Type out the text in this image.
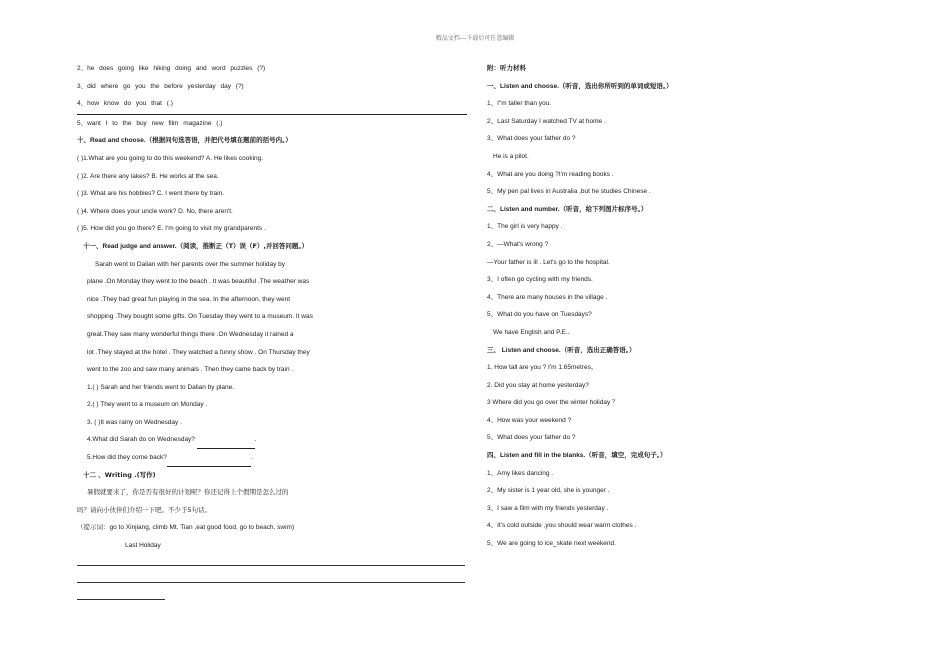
精品文档---下载后可任意编辑
2、he does going like hiking doing and word puzzles (?)
3、did where go you the before yesterday day (?)
4、how know do you that (.)
5、want I to the buy new film magazine (.)
十、Read and choose.（根据问句选答语，并把代号填在题前的括号内。）
( )1.What are you going to do this weekend? A. He likes cooking.
( )2. Are there any lakes? B. He works at the sea.
( )3. What are his hobbies? C. I went there by train.
( )4. Where does your uncle work? D. No, there aren't.
( )5. How did you go there? E. I'm going to visit my grandparents .
十一、Read judge and answer.（阅读，推断正（T）误（F）,并回答问题。）
Sarah went to Dalian with her parents over the summer holiday by
plane .On Monday they went to the beach . It was beautiful .The weather was
nice .They had great fun playing in the sea. In the afternoon, they went
shopping .They bought some gifts. On Tuesday they went to a museum. It was
great.They saw many wonderful things there .On Wednesday it rained a
lot .They stayed at the hotel . They watched a funny show . On Thursday they
went to the zoo and saw many animals . Then they came back by train .
1.( ) Sarah and her friends went to Dalian by plane.
2.( ) They went to a museum on Monday .
3. ( )It was rainy on Wednesday .
4.What did Sarah do on Wednesday?	.
5.How did they come back?	.
十二 、Writing .(写作)
暑假就要来了，你是否有很好的计划呢？你还记得上个假期是怎么过的
吗？请向小伙伴们介绍一下吧。不少于5句话。
（提示词：go to Xinjiang, climb Mt. Tian ,eat good food, go to beach, swim)
Last Holiday
附：听力材料
一、Listen and choose.（听音，选出你所听到的单词或短语。）
1、I"m taller than you.
2、Last Saturday I watched TV at home .
3、What does your father do ?
He is a pilot.
4、What are you doing ?I'm reading books .
5、My pen pal lives in Australia ,but he studies Chinese .
二、Listen and number.（听音，给下列图片标序号。）
1、The girl is very happy .
2、—What's wrong ?
—Your father is ill . Let's go to the hospital.
3、I often go cycling with my friends.
4、There are many houses in the village .
5、What do you have on Tuesdays?
We have English and P.E..
三、 Listen and choose.（听音，选出正确答语。）
1. How tall are you ? I'm 1.65metres。
2. Did you stay at home yesterday?
3 Where did you go over the winter holiday ？
4、How was your weekend ?
5、What does your father do ?
四、Listen and fill in the blanks.（听音，填空，完成句子。）
1、Amy likes dancing .
2、My sister is 1 year old, she is younger .
3、I saw a film with my friends yesterday .
4、It's cold outside ,you should wear warm clothes .
5、We are going to ice_skate next weekend.
